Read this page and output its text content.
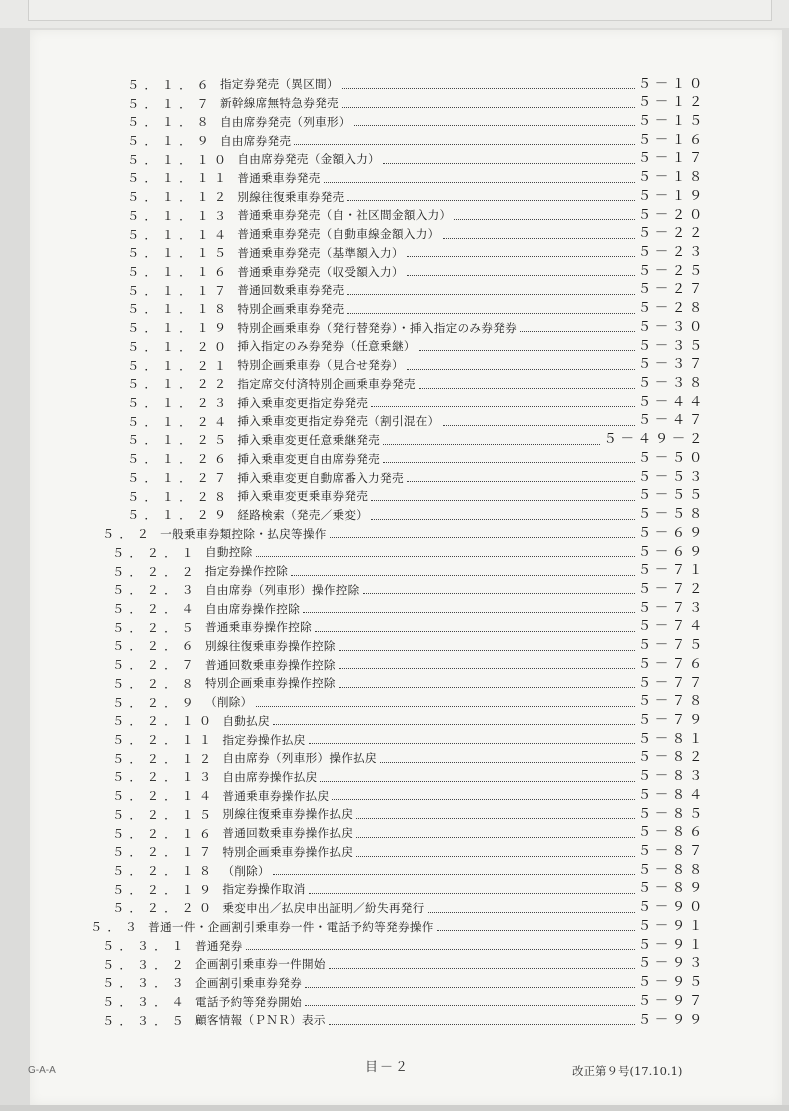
５．１．６ 指定券発売（異区間）	５－１０
５．１．７ 新幹線席無特急券発売	５－１２
５．１．８ 自由席券発売（列車形）	５－１５
５．１．９ 自由席券発売	５－１６
５．１．１０ 自由席券発売（金額入力）	５－１７
５．１．１１ 普通乗車券発売	５－１８
５．１．１２ 別線往復乗車券発売	５－１９
５．１．１３ 普通乗車券発売（自・社区間金額入力）	５－２０
５．１．１４ 普通乗車券発売（自動車線金額入力）	５－２２
５．１．１５ 普通乗車券発売（基準額入力）	５－２３
５．１．１６ 普通乗車券発売（収受額入力）	５－２５
５．１．１７ 普通回数乗車券発売	５－２７
５．１．１８ 特別企画乗車券発売	５－２８
５．１．１９ 特別企画乗車券（発行替発券）・挿入指定のみ券発券	５－３０
５．１．２０ 挿入指定のみ券発券（任意乗継）	５－３５
５．１．２１ 特別企画乗車券（見合せ発券）	５－３７
５．１．２２ 指定席交付済特別企画乗車券発売	５－３８
５．１．２３ 挿入乗車変更指定券発売	５－４４
５．１．２４ 挿入乗車変更指定券発売（割引混在）	５－４７
５．１．２５ 挿入乗車変更任意乗継発売	５－４９－２
５．１．２６ 挿入乗車変更自由席券発売	５－５０
５．１．２７ 挿入乗車変更自動席番入力発売	５－５３
５．１．２８ 挿入乗車変更乗車券発売	５－５５
５．１．２９ 経路検索（発売／乗変）	５－５８
５．２ 一般乗車券類控除・払戻等操作	５－６９
５．２．１ 自動控除	５－６９
５．２．２ 指定券操作控除	５－７１
５．２．３ 自由席券（列車形）操作控除	５－７２
５．２．４ 自由席券操作控除	５－７３
５．２．５ 普通乗車券操作控除	５－７４
５．２．６ 別線往復乗車券操作控除	５－７５
５．２．７ 普通回数乗車券操作控除	５－７６
５．２．８ 特別企画乗車券操作控除	５－７７
５．２．９ （削除）	５－７８
５．２．１０ 自動払戻	５－７９
５．２．１１ 指定券操作払戻	５－８１
５．２．１２ 自由席券（列車形）操作払戻	５－８２
５．２．１３ 自由席券操作払戻	５－８３
５．２．１４ 普通乗車券操作払戻	５－８４
５．２．１５ 別線往復乗車券操作払戻	５－８５
５．２．１６ 普通回数乗車券操作払戻	５－８６
５．２．１７ 特別企画乗車券操作払戻	５－８７
５．２．１８ （削除）	５－８８
５．２．１９ 指定券操作取消	５－８９
５．２．２０ 乗変申出／払戻申出証明／紛失再発行	５－９０
５．３ 普通一件・企画割引乗車券一件・電話予約等発券操作	５－９１
５．３．１ 普通発券	５－９１
５．３．２ 企画割引乗車券一件開始	５－９３
５．３．３ 企画割引乗車券発券	５－９５
５．３．４ 電話予約等発券開始	５－９７
５．３．５ 顧客情報（ＰＮＲ）表示	５－９９
G-A-A	目－２	改正第９号(17.10.1)
